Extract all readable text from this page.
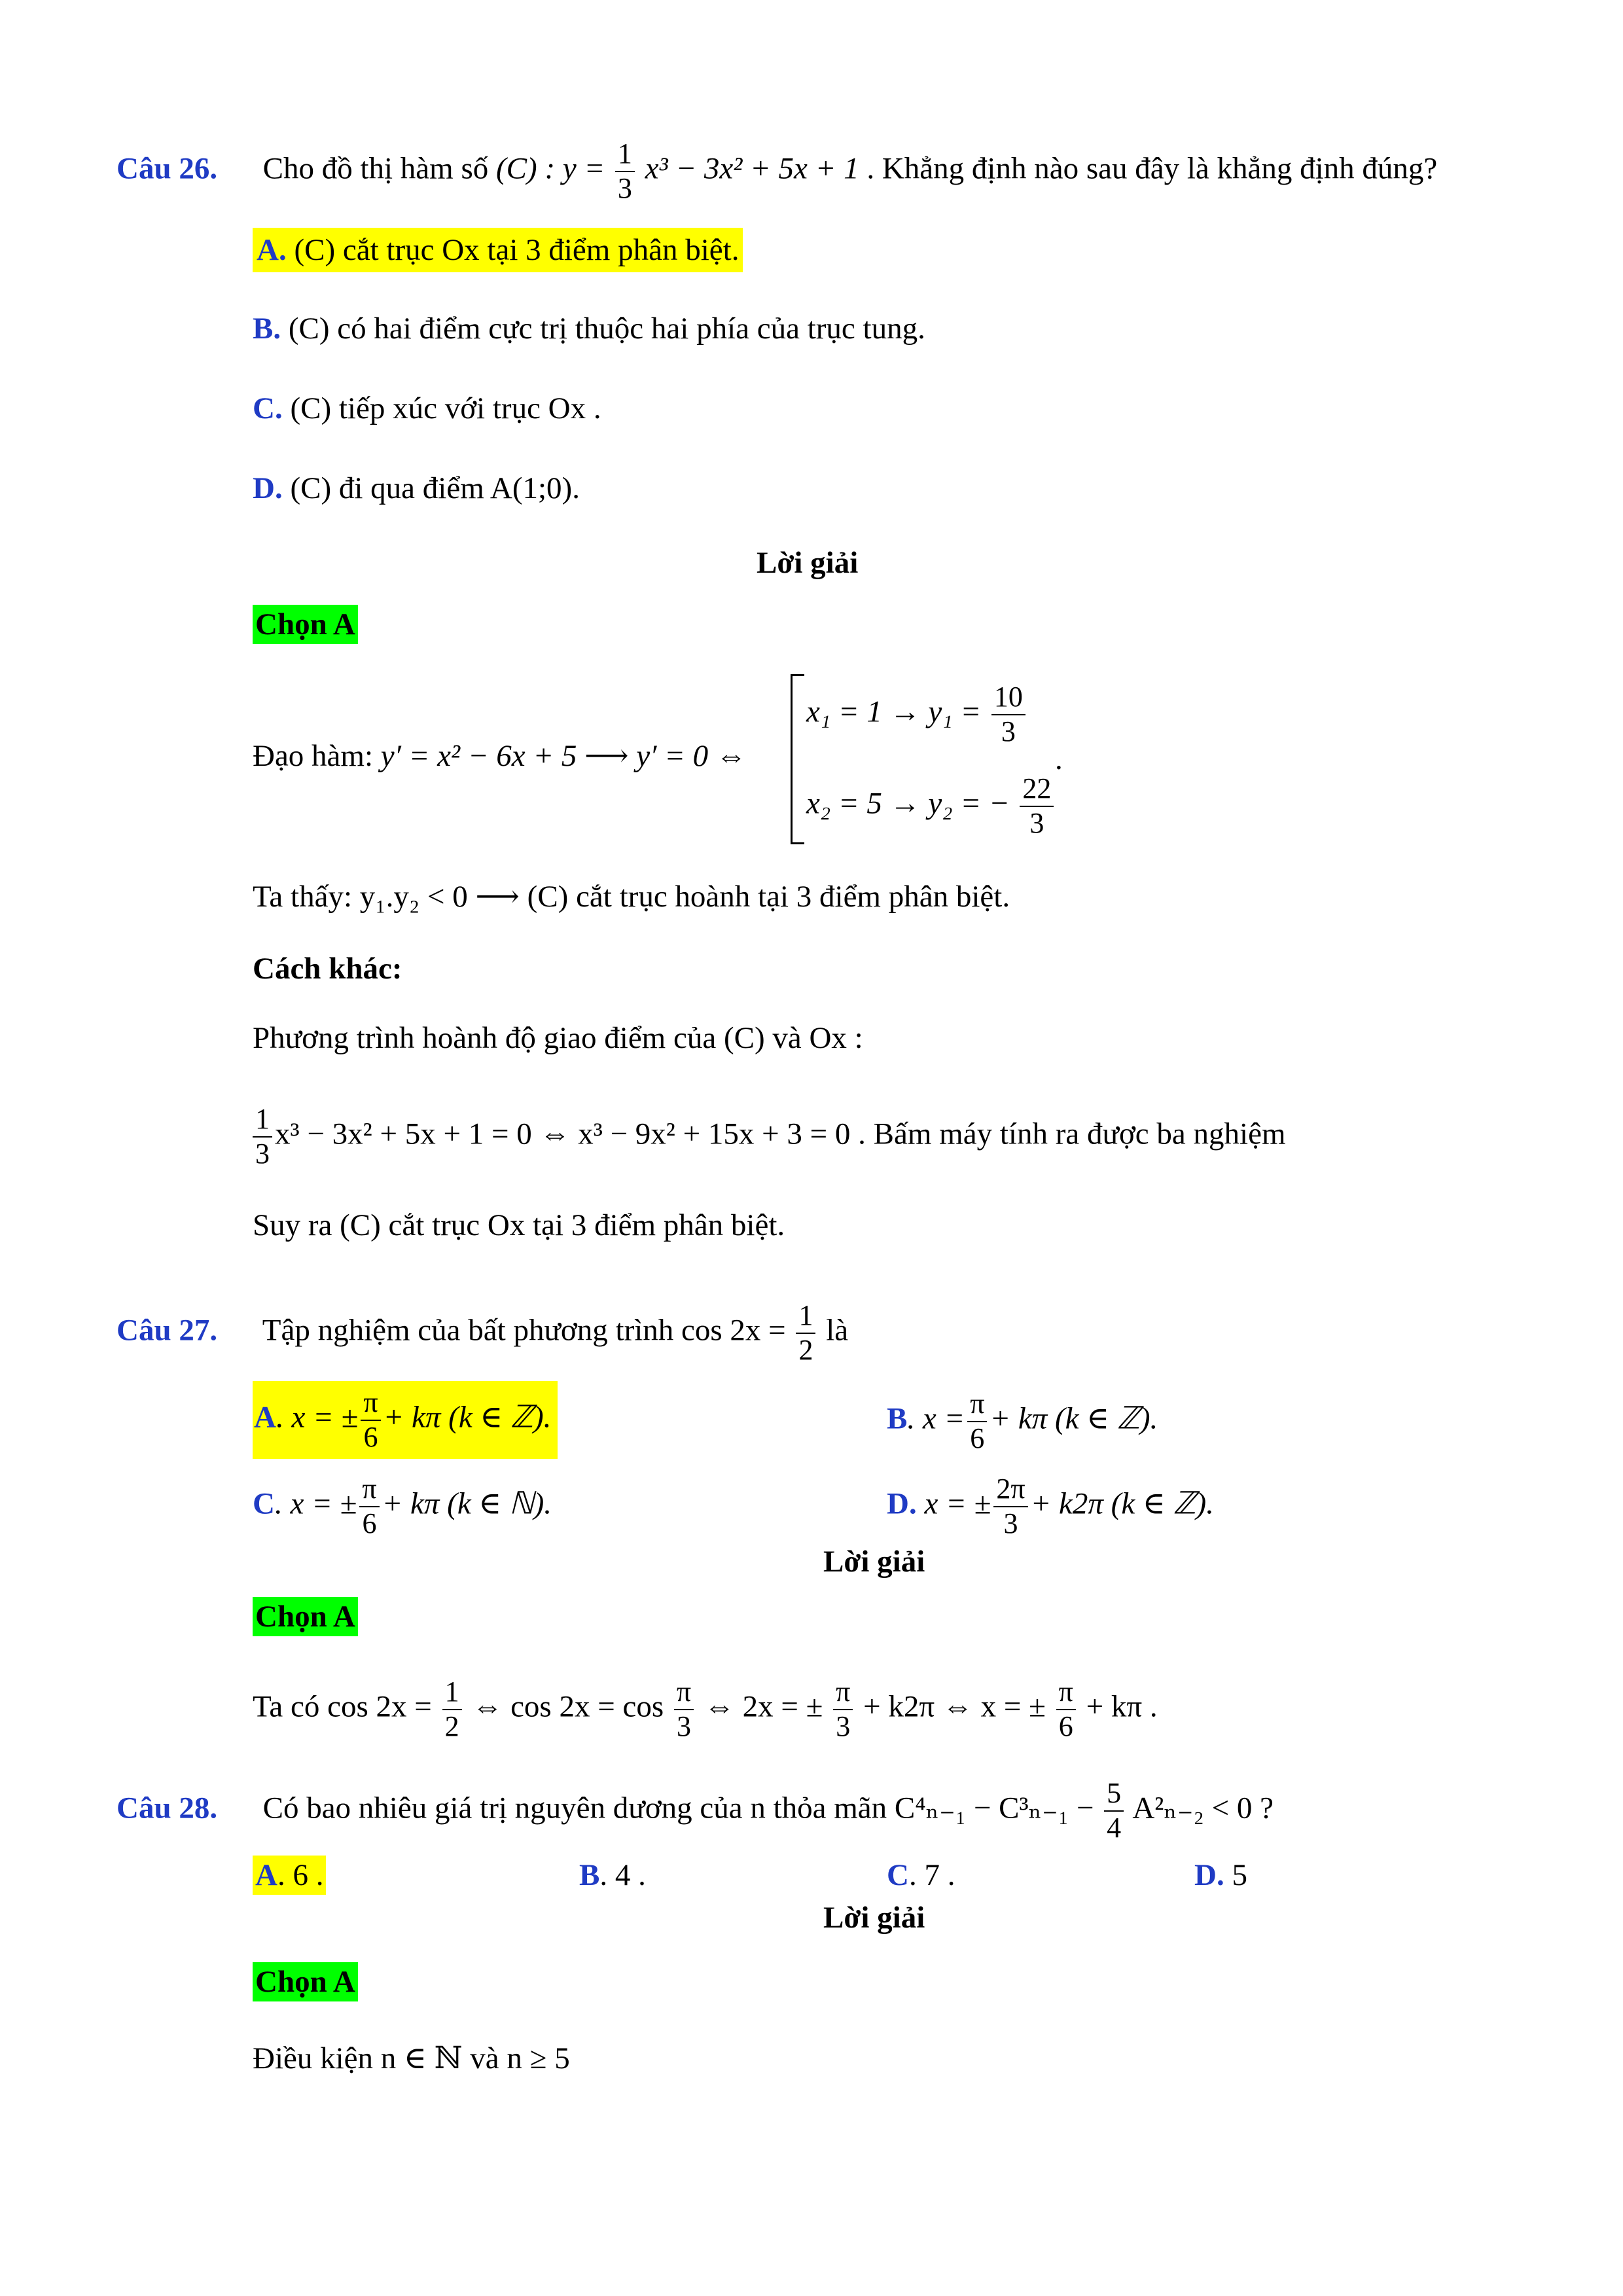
Câu 26. Cho đồ thị hàm số (C) : $y = \frac{1}{3} x^3 - 3x^2 + 5x + 1$ . Khẳng định nào sau đây là khẳng định đúng?
A. (C) cắt trục Ox tại 3 điểm phân biệt.
B. (C) có hai điểm cực trị thuộc hai phía của trục tung.
C. (C) tiếp xúc với trục Ox .
D. (C) đi qua điểm A(1;0).
Lời giải
Chọn A
Đạo hàm: y′ = x² − 6x + 5 ⟶ y′ = 0 ⇔
$x_1 = 1 \to y_1 = \frac{10}{3}$
x₂ = 5 → y₂ = − $\frac{22}{3}$
.
Ta thấy: y₁.y₂ < 0 ⟶ (C) cắt trục hoành tại 3 điểm phân biệt.
Cách khác:
Phương trình hoành độ giao điểm của (C) và Ox :
$\frac{1}{3} x^3 - 3x^2 + 5x + 1 = 0$ ⇔ x³ − 9x² + 15x + 3 = 0 . Bấm máy tính ra được ba nghiệm
Suy ra (C) cắt trục Ox tại 3 điểm phân biệt.
Câu 27. Tập nghiệm của bất phương trình $\cos 2x = \frac{1}{2}$ là
A. x = ± $\frac{\pi}{6} + k\pi$ (k ∈ ℤ).	B. $x = \frac{\pi}{6} + k\pi$ (k ∈ ℤ).
C. x = ± $\frac{\pi}{6} + k\pi$ (k ∈ ℕ).	D. x = ± $\frac{2\pi}{3} + k2\pi$ (k ∈ ℤ).
Lời giải
Chọn A
Ta có $\cos 2x = \frac{1}{2}$ ⇔ $\cos 2x = \cos \frac{\pi}{3}$ ⇔ 2x = ± $\frac{\pi}{3} + k2\pi$ ⇔ x = ± $\frac{\pi}{6} + k\pi$ .
Câu 28. Có bao nhiêu giá trị nguyên dương của n thỏa mãn $C^4_{n-1} - C^3_{n-1} - \frac{5}{4} A^2_{n-2} < 0$ ?
A. 6 .	B. 4 .	C. 7 .	D. 5
Lời giải
Chọn A
Điều kiện n ∈ ℕ và n ≥ 5
